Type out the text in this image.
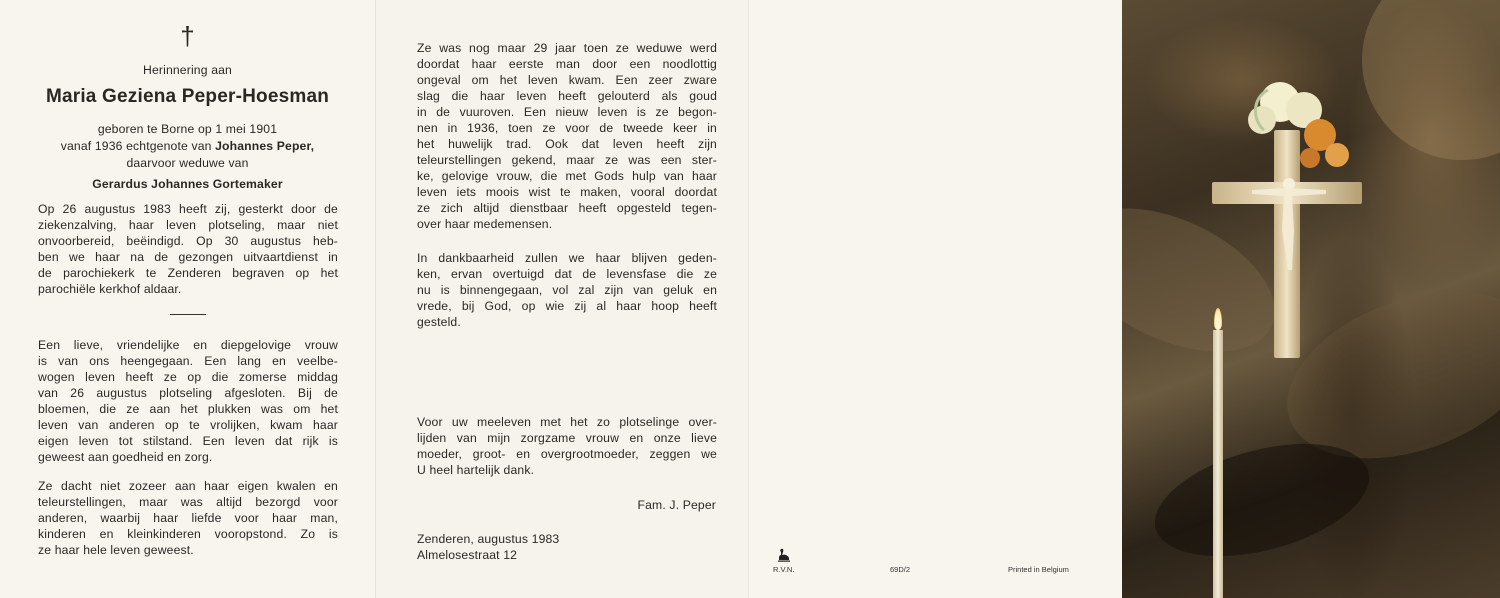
†
Herinnering aan
Maria Geziena Peper-Hoesman
geboren te Borne op 1 mei 1901
vanaf 1936 echtgenote van Johannes Peper,
daarvoor weduwe van
Gerardus Johannes Gortemaker
Op 26 augustus 1983 heeft zij, gesterkt door de
ziekenzalving, haar leven plotseling, maar niet
onvoorbereid, beëindigd. Op 30 augustus heb-
ben we haar na de gezongen uitvaartdienst in
de parochiekerk te Zenderen begraven op het
parochiële kerkhof aldaar.
Een lieve, vriendelijke en diepgelovige vrouw
is van ons heengegaan. Een lang en veelbe-
wogen leven heeft ze op die zomerse middag
van 26 augustus plotseling afgesloten. Bij de
bloemen, die ze aan het plukken was om het
leven van anderen op te vrolijken, kwam haar
eigen leven tot stilstand. Een leven dat rijk is
geweest aan goedheid en zorg.
Ze dacht niet zozeer aan haar eigen kwalen en
teleurstellingen, maar was altijd bezorgd voor
anderen, waarbij haar liefde voor haar man,
kinderen en kleinkinderen vooropstond. Zo is
ze haar hele leven geweest.
Ze was nog maar 29 jaar toen ze weduwe werd
doordat haar eerste man door een noodlottig
ongeval om het leven kwam. Een zeer zware
slag die haar leven heeft gelouterd als goud
in de vuuroven. Een nieuw leven is ze begon-
nen in 1936, toen ze voor de tweede keer in
het huwelijk trad. Ook dat leven heeft zijn
teleurstellingen gekend, maar ze was een ster-
ke, gelovige vrouw, die met Gods hulp van haar
leven iets moois wist te maken, vooral doordat
ze zich altijd dienstbaar heeft opgesteld tegen-
over haar medemensen.
In dankbaarheid zullen we haar blijven geden-
ken, ervan overtuigd dat de levensfase die ze
nu is binnengegaan, vol zal zijn van geluk en
vrede, bij God, op wie zij al haar hoop heeft
gesteld.
Voor uw meeleven met het zo plotselinge over-
lijden van mijn zorgzame vrouw en onze lieve
moeder, groot- en overgrootmoeder, zeggen we
U heel hartelijk dank.
Fam. J. Peper
Zenderen, augustus 1983
Almelosestraat 12
R.V.N.	69D/2	Printed in Belgium
